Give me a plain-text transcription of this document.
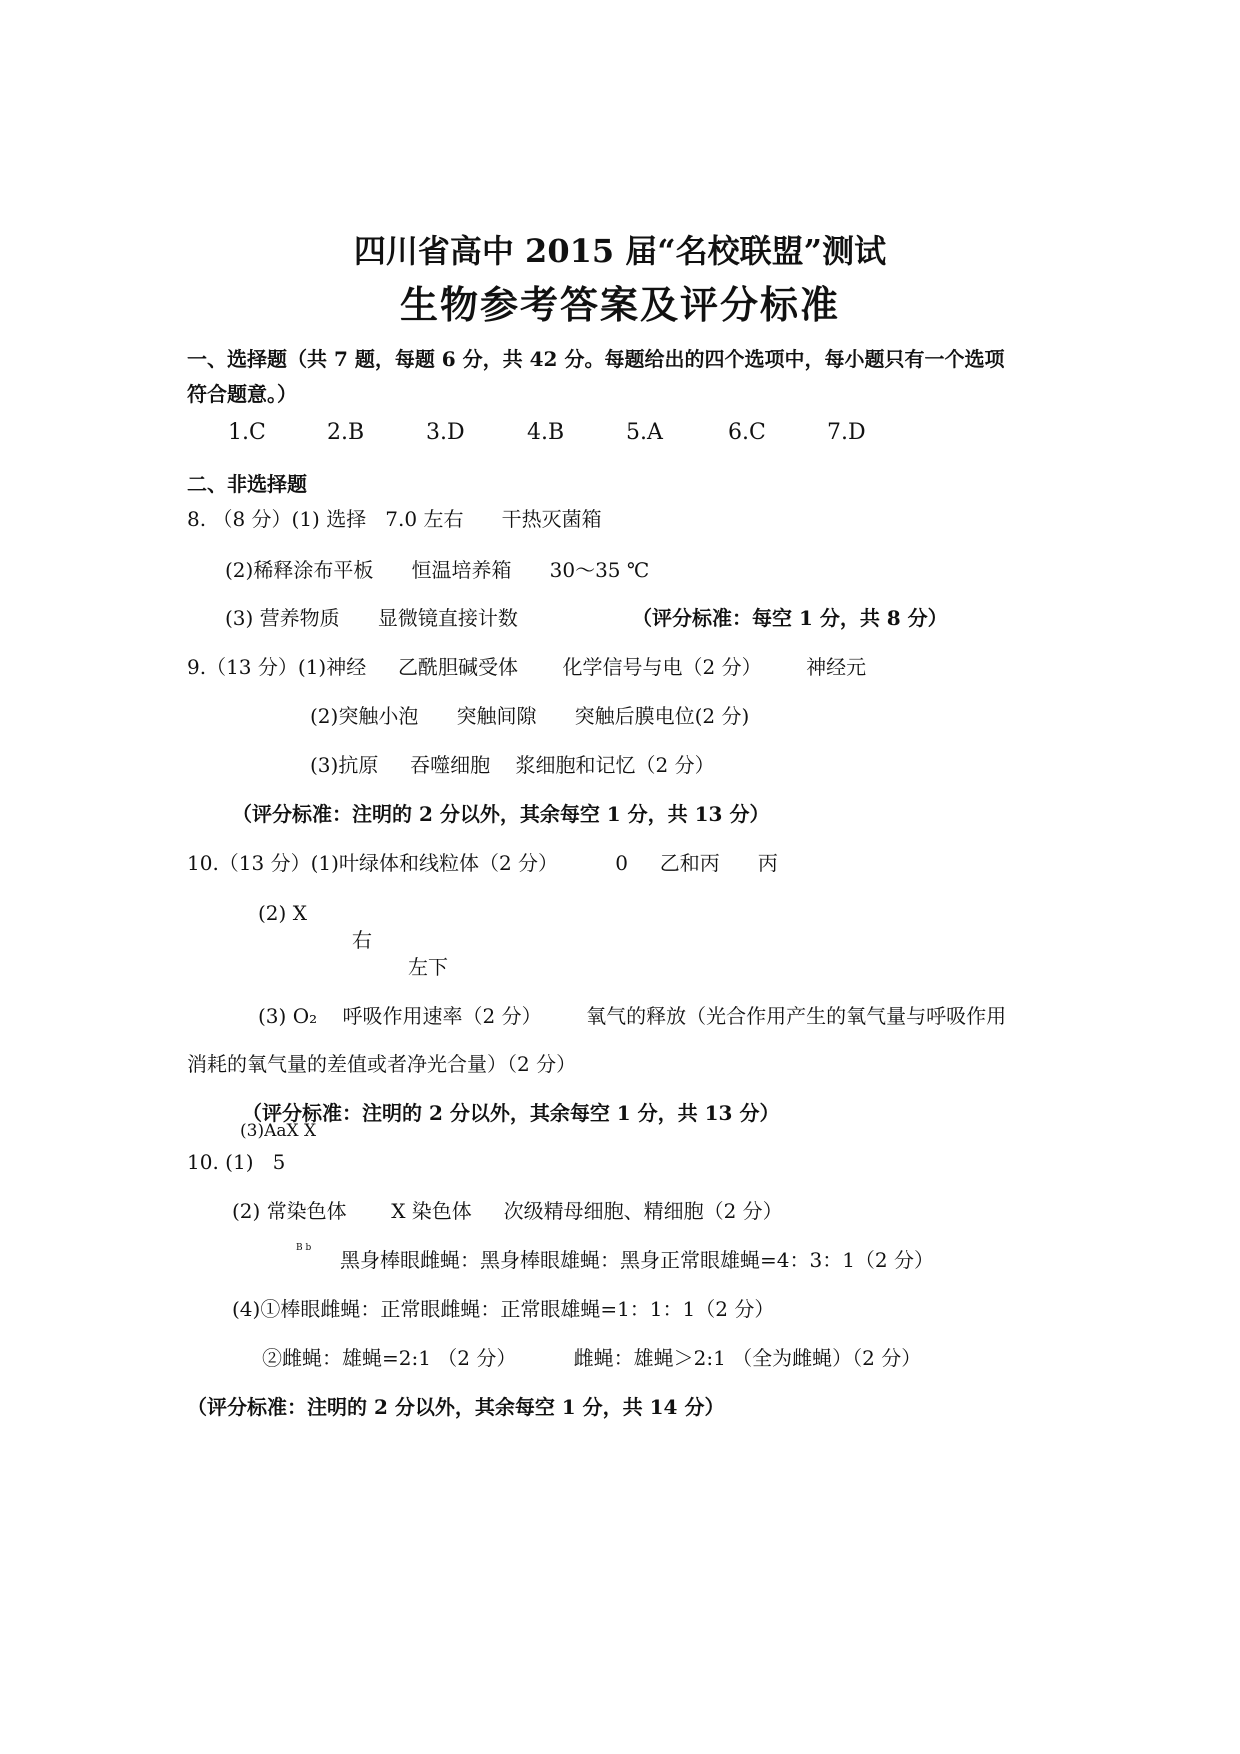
四川省高中 2015 届“名校联盟”测试
生物参考答案及评分标准
一、选择题（共 7 题，每题 6 分，共 42 分。每题给出的四个选项中，每小题只有一个选项
符合题意。）
1.C	2.B	3.D	4.B	5.A	6.C	7.D
二、非选择题
8. （8 分）(1) 选择   7.0 左右      干热灭菌箱
(2)稀释涂布平板      恒温培养箱      30～35 ℃
(3) 营养物质      显微镜直接计数	（评分标准：每空 1 分，共 8 分）
9.（13 分）(1)神经     乙酰胆碱受体       化学信号与电（2 分）       神经元
(2)突触小泡      突触间隙      突触后膜电位(2 分)
(3)抗原     吞噬细胞    浆细胞和记忆（2 分）
（评分标准：注明的 2 分以外，其余每空 1 分，共 13 分）
10.（13 分）(1)叶绿体和线粒体（2 分）         0     乙和丙      丙
(2) X
右
左下
(3) O₂    呼吸作用速率（2 分）       氧气的释放（光合作用产生的氧气量与呼吸作用
消耗的氧气量的差值或者净光合量）（2 分）
（评分标准：注明的 2 分以外，其余每空 1 分，共 13 分）
(3)AaX X
10. (1)   5
(2) 常染色体       X 染色体     次级精母细胞、精细胞（2 分）
B b 黑身棒眼雌蝇：黑身棒眼雄蝇：黑身正常眼雄蝇=4：3：1（2 分）
(4)①棒眼雌蝇：正常眼雌蝇：正常眼雄蝇=1：1：1（2 分）
②雌蝇：雄蝇=2:1 （2 分）         雌蝇：雄蝇＞2:1 （全为雌蝇）（2 分）
（评分标准：注明的 2 分以外，其余每空 1 分，共 14 分）
